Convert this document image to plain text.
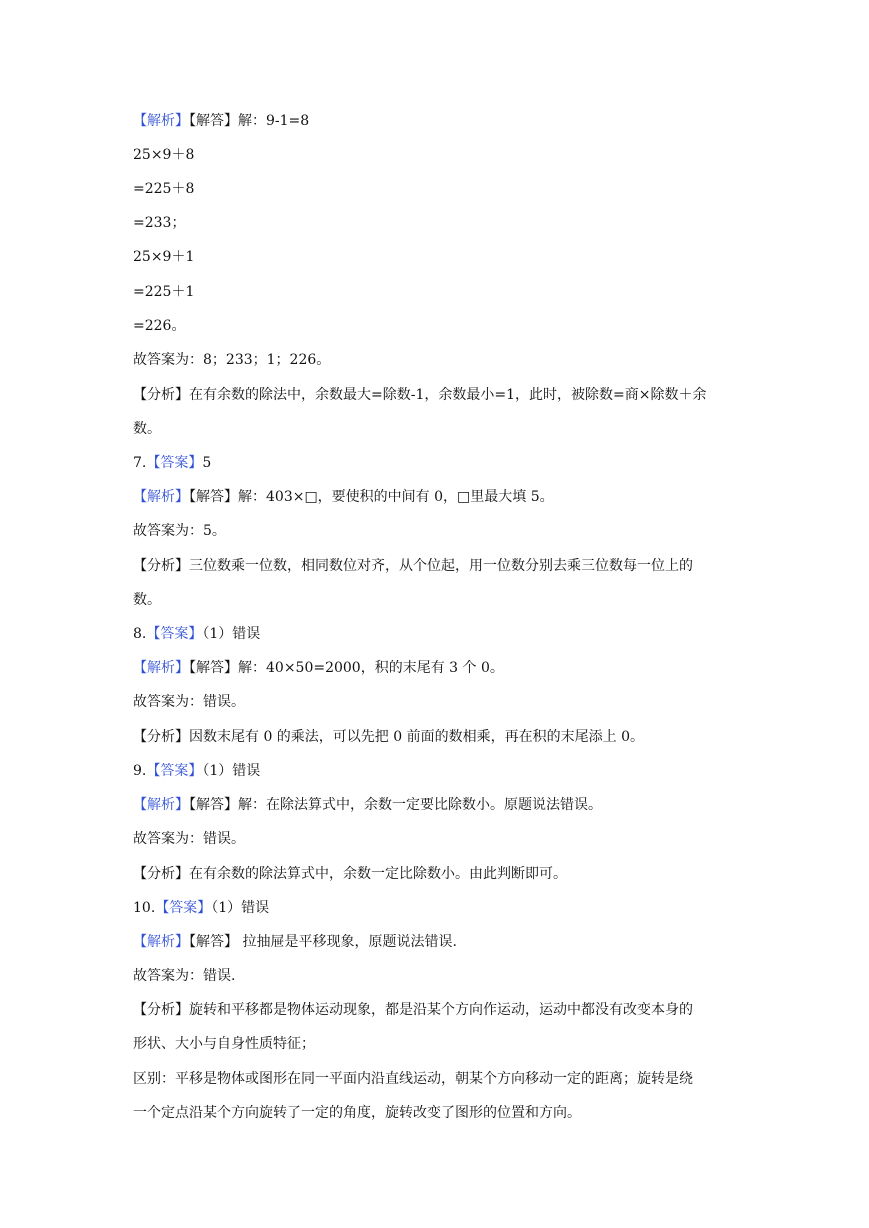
【解析】【解答】解：9-1=8
25×9＋8
=225＋8
=233；
25×9＋1
=225＋1
=226。
故答案为：8；233；1；226。
【分析】在有余数的除法中，余数最大=除数-1，余数最小=1，此时，被除数=商×除数＋余
数。
7.【答案】5
【解析】【解答】解：403×□，要使积的中间有 0，□里最大填 5。
故答案为：5。
【分析】三位数乘一位数，相同数位对齐，从个位起，用一位数分别去乘三位数每一位上的
数。
8.【答案】（1）错误
【解析】【解答】解：40×50=2000，积的末尾有 3 个 0。
故答案为：错误。
【分析】因数末尾有 0 的乘法，可以先把 0 前面的数相乘，再在积的末尾添上 0。
9.【答案】（1）错误
【解析】【解答】解：在除法算式中，余数一定要比除数小。原题说法错误。
故答案为：错误。
【分析】在有余数的除法算式中，余数一定比除数小。由此判断即可。
10.【答案】（1）错误
【解析】【解答】 拉抽屉是平移现象，原题说法错误.
故答案为：错误.
【分析】旋转和平移都是物体运动现象，都是沿某个方向作运动，运动中都没有改变本身的
形状、大小与自身性质特征；
区别：平移是物体或图形在同一平面内沿直线运动，朝某个方向移动一定的距离；旋转是绕
一个定点沿某个方向旋转了一定的角度，旋转改变了图形的位置和方向。
